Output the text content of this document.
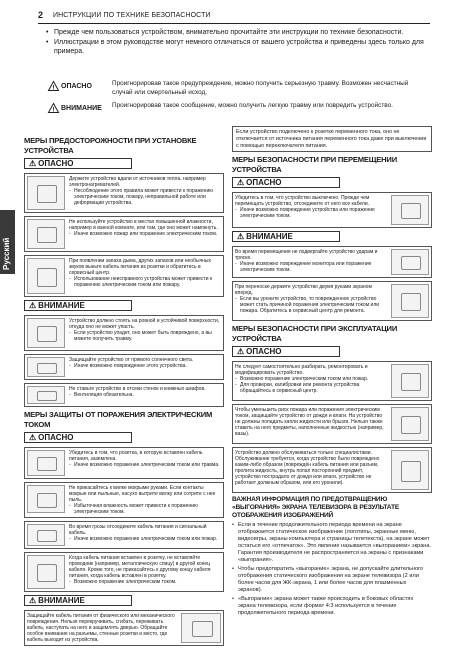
2 ИНСТРУКЦИИ ПО ТЕХНИКЕ БЕЗОПАСНОСТИ
Русский
• Прежде чем пользоваться устройством, внимательно прочитайте эти инструкции по технике безопасности.
• Иллюстрации в этом руководстве могут немного отличаться от вашего устройства и приведены здесь только для примера.
! ОПАСНО	Проигнорировав такое предупреждение, можно получить серьезную травму. Возможен несчастный случай или смертельный исход.
! ВНИМАНИЕ Проигнорировав такое сообщение, можно получить легкую травму или повредить устройство.
МЕРЫ ПРЕДОСТОРОЖНОСТИ ПРИ УСТАНОВКЕ УСТРОЙСТВА
⚠ ОПАСНО
Держите устройство вдали от источников тепла, например электронагревателей.
- Несоблюдение этого правила может привести к поражению электрическим током, пожару, неправильной работе или деформации устройства.
Не используйте устройство в местах повышенной влажности, например в ванной комнате, или там, где оно может намокнуть.
- Иначе возможно пожар или поражение электрическим током.
При появлении запаха дыма, других запахов или необычных звуков выньте кабель питания из розетки и обратитесь в сервисный центр.
- Использование неисправного устройства может привести к поражению электрическим током или пожару.
⚠ ВНИМАНИЕ
Устройство должно стоять на ровной и устойчивой поверхности, откуда оно не может упасть.
- Если устройство упадет, оно может быть повреждено, а вы можете получить травму.
Защищайте устройство от прямого солнечного света.
- Иначе возможно повреждение этого устройства.
Не ставьте устройство в отсеки стенок и книжных шкафов.
- Вентиляция обязательна.
МЕРЫ ЗАЩИТЫ ОТ ПОРАЖЕНИЯ ЭЛЕКТРИЧЕСКИМ ТОКОМ
⚠ ОПАСНО
Убедитесь в том, что розетка, в которую вставлен кабель питания, заземлена.
- Иначе возможно поражение электрическим током или травма.
Не прикасайтесь к вилке мокрыми руками. Если контакты мокрые или пыльные, насухо вытрите вилку или сотрите с нее пыль.
- Избыточная влажность может привести к поражению электрическим током.
Во время грозы отсоедините кабель питания и сигнальный кабель.
- Иначе возможно поражение электрическим током или пожар.
Когда кабель питания вставлен в розетку, не вставляйте проводник (например, металлическую спицу) в другой конец кабеля. Кроме того, не прикасайтесь к другому концу кабеля питания, когда кабель вставлен в розетку.
- Возможно поражение электрическим током.
⚠ ВНИМАНИЕ
Защищайте кабель питания от физического или механического повреждения. Нельзя перекручивать, сгибать, переживать кабель, наступать на него и защемлять дверью. Обращайте особое внимание на разъемы, стенные розетки и место, где кабель выходит из устройства.
Если устройство подключено к розетке переменного тока, оно не отключается от источника питания переменного тока даже при выключении с помощью переключателя питания.
МЕРЫ БЕЗОПАСНОСТИ ПРИ ПЕРЕМЕЩЕНИИ УСТРОЙСТВА
⚠ ОПАСНО
Убедитесь в том, что устройство выключено. Прежде чем перемещать устройство, отсоедините от него все кабели.
- Иначе возможно повреждение устройства или поражение электрическим током.
⚠ ВНИМАНИЕ
Во время перемещения не подвергайте устройство ударам и тряске.
- Иначе возможно повреждение монитора или поражение электрическим током.
При переноске держите устройство двумя руками экраном вперед.
- Если вы уроните устройство, то поврежденное устройство может стать причиной поражения электрическим током или пожара. Обратитесь в сервисный центр для ремонта.
МЕРЫ БЕЗОПАСНОСТИ ПРИ ЭКСПЛУАТАЦИИ УСТРОЙСТВА
⚠ ОПАСНО
Не следует самостоятельно разбирать, ремонтировать и модифицировать устройство.
- Возможно поражение электрическим током или пожар.
- Для проверки, калибровки или ремонта устройства обращайтесь в сервисный центр.
Чтобы уменьшить риск пожара или поражения электрическим током, защищайте устройство от дождя и влаги. На устройство не должны попадать капли жидкости или брызги. Нельзя также ставить на него предметы, наполненные жидкостью (например, вазы).
Устройство должно обслуживаться только специалистами. Обслуживание требуется, когда устройство было повреждено каким-либо образом (повреждён кабель питания или разъем, пролита жидкость, внутрь попал посторонний предмет, устройство пострадало от дождя или влаги, устройство не работает должным образом, или его уронили).
ВАЖНАЯ ИНФОРМАЦИЯ ПО ПРЕДОТВРАЩЕНИЮ «ВЫГОРАНИЯ» ЭКРАНА ТЕЛЕВИЗОРА В РЕЗУЛЬТАТЕ ОТОБРАЖЕНИЯ ИЗОБРАЖЕНИЙ
• Если в течение продолжительного периода времени на экране отображается статическое изображение (логотипы, экранные меню, видеоигры, экраны компьютера и страницы телетекста), на экране может остаться его «отпечаток». Это явление называется «выгоранием» экрана. Гарантия производителя не распространяется на экраны с признаками «выгорания».
• Чтобы предотвратить «выгорание» экрана, не допускайте длительного отображения статического изображения на экране телевизора (2 или более часов для ЖК-экрана, 1 или более часов для плазменных экранов).
• «Выгорание» экрана может также происходить в боковых областях экрана телевизора, если формат 4:3 используется в течение продолжительного периода времени.
